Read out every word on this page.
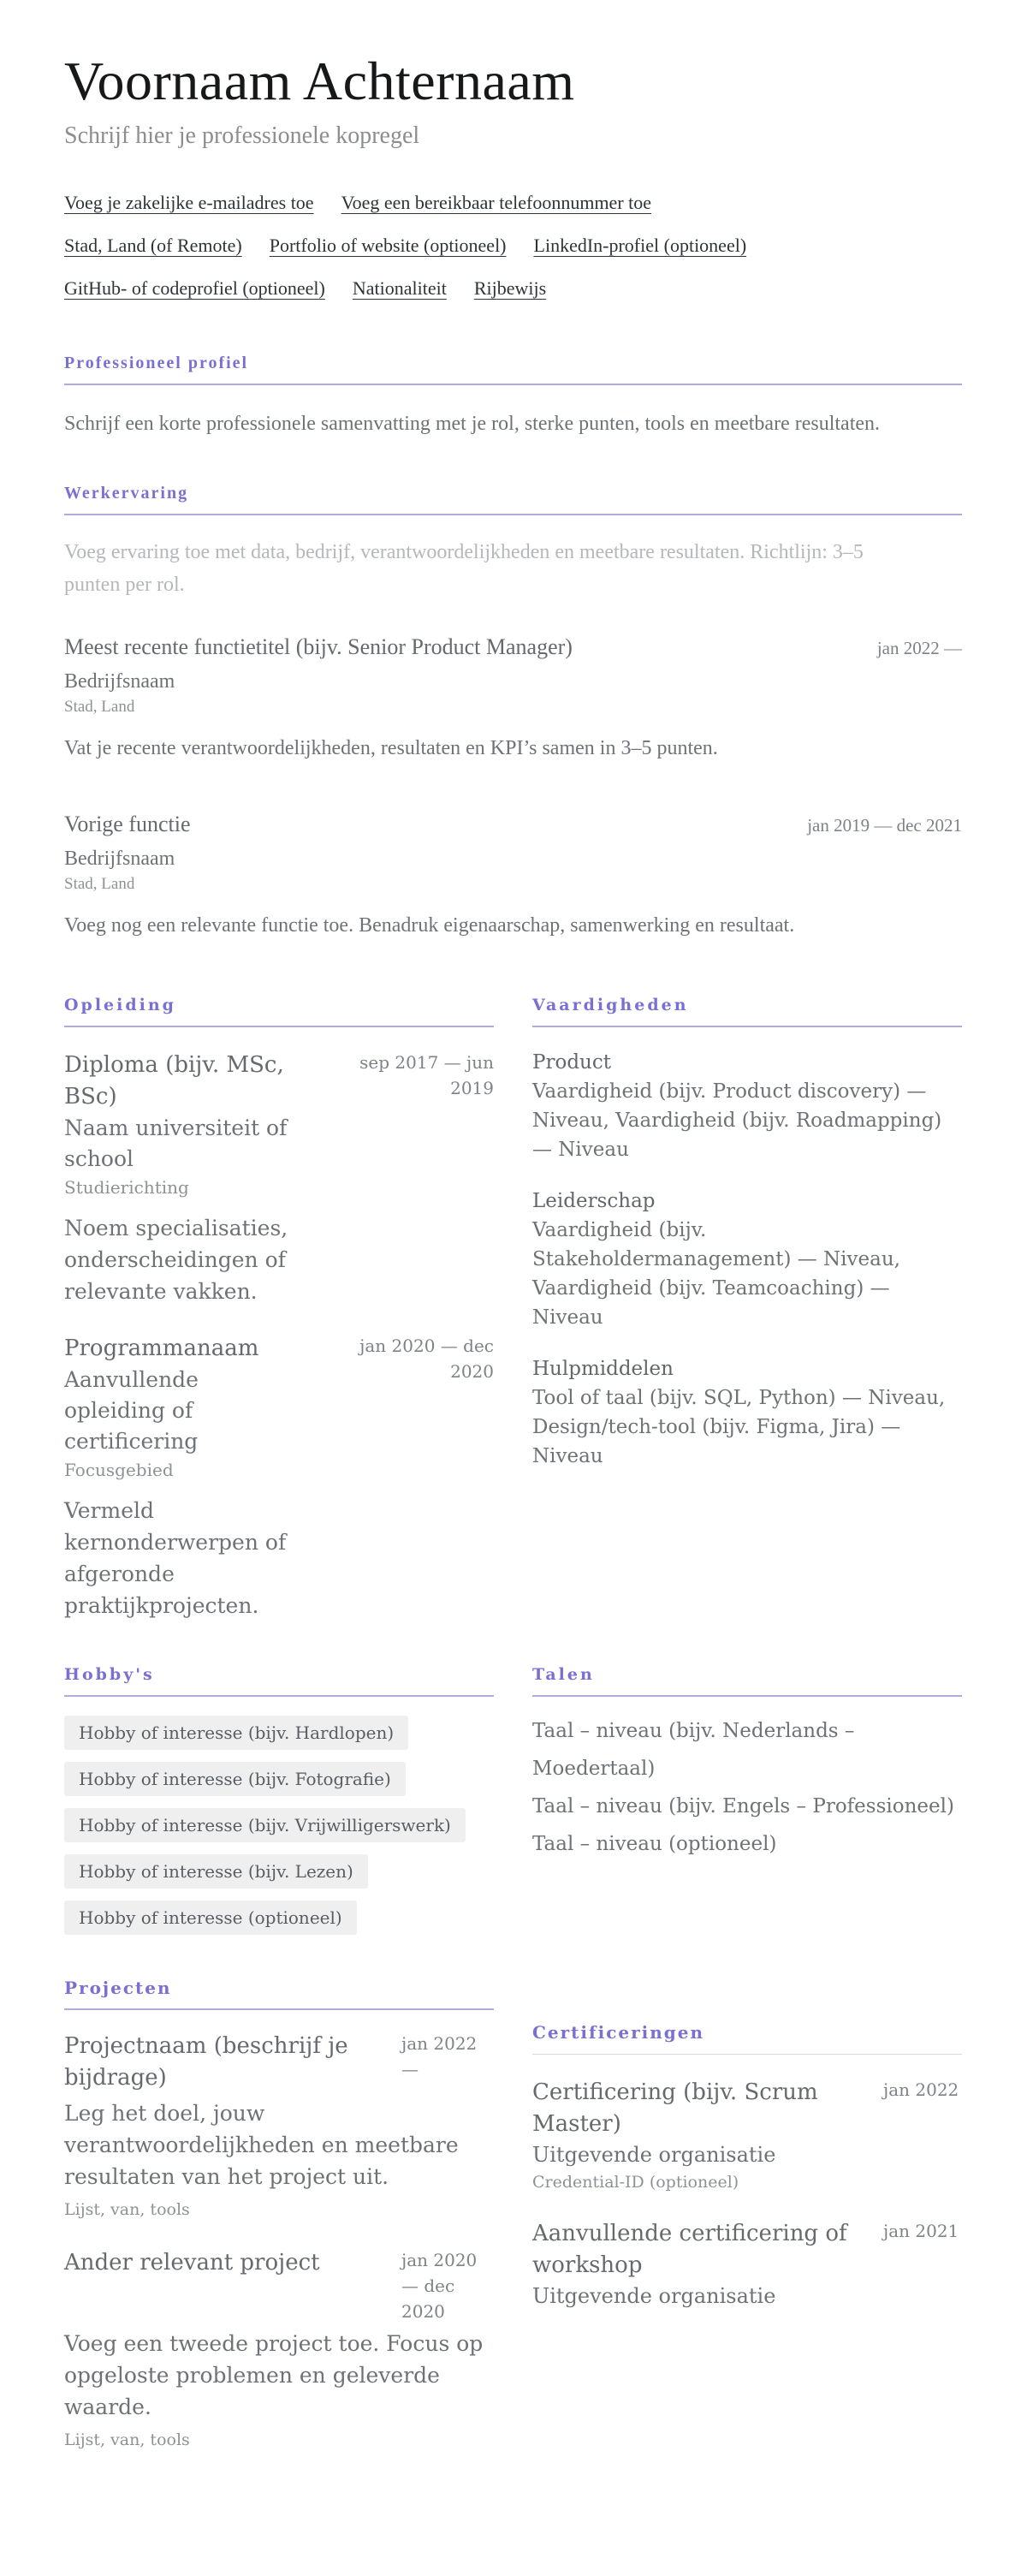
Voornaam Achternaam

Schrijf hier je professionele kopregel

Voeg je zakelijke e-mailadres toe Voeg een bereikbaar telefoonnummer toe
Stad, Land (of Remote) Portfolio of website (optioneel) LinkedIn-profiel (optioneel)
GitHub- of codeprofiel (optioneel) Nationaliteit Rijbewijs
Professioneel profiel

Schrijf een korte professionele samenvatting met je rol, sterke punten, tools en meetbare resultaten.

Werkervaring

Voeg ervaring toe met data, bedrijf, verantwoordelijkheden en meetbare resultaten. Richtlijn: 3–5 punten per rol.

Meest recente functietitel (bijv. Senior Product Manager)	jan 2022 —
Bedrijfsnaam
Stad, Land

Vat je recente verantwoordelijkheden, resultaten en KPI’s samen in 3–5 punten.

Vorige functie	jan 2019 — dec 2021
Bedrijfsnaam
Stad, Land

Voeg nog een relevante functie toe. Benadruk eigenaarschap, samenwerking en resultaat.

Opleiding
Diploma (bijv. MSc, BSc)
Naam universiteit of school
Studierichting
Noem specialisaties, onderscheidingen of relevante vakken.
sep 2017 — jun 2019
Programmanaam
Aanvullende opleiding of certificering
Focusgebied
Vermeld kernonderwerpen of afgeronde praktijkprojecten.
jan 2020 — dec 2020
Vaardigheden
Product
Vaardigheid (bijv. Product discovery) — Niveau, Vaardigheid (bijv. Roadmapping) — Niveau
Leiderschap
Vaardigheid (bijv. Stakeholdermanagement) — Niveau, Vaardigheid (bijv. Teamcoaching) — Niveau
Hulpmiddelen
Tool of taal (bijv. SQL, Python) — Niveau, Design/tech-tool (bijv. Figma, Jira) — Niveau
Hobby's
Hobby of interesse (bijv. Hardlopen)
Hobby of interesse (bijv. Fotografie)
Hobby of interesse (bijv. Vrijwilligerswerk)
Hobby of interesse (bijv. Lezen)
Hobby of interesse (optioneel)
Talen
Taal – niveau (bijv. Nederlands – Moedertaal)
Taal – niveau (bijv. Engels – Professioneel)
Taal – niveau (optioneel)
Projecten
Projectnaam (beschrijf je bijdrage)
jan 2022 —
Leg het doel, jouw verantwoordelijkheden en meetbare resultaten van het project uit.
Lijst, van, tools
Ander relevant project	jan 2020 — dec 2020
Voeg een tweede project toe. Focus op opgeloste problemen en geleverde waarde.
Lijst, van, tools
Certificeringen
Certificering (bijv. Scrum Master)
jan 2022
Uitgevende organisatie
Credential-ID (optioneel)
Aanvullende certificering of workshop
jan 2021
Uitgevende organisatie
